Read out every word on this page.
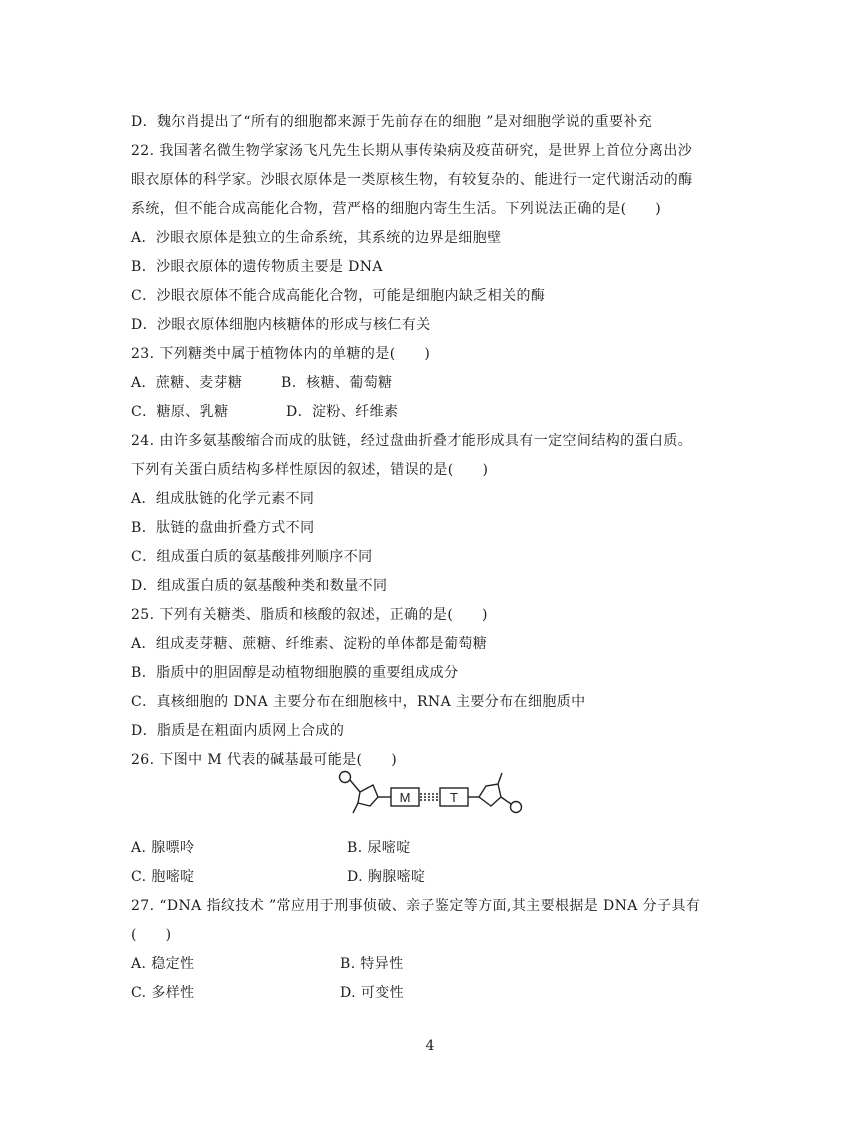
D．魏尔肖提出了“所有的细胞都来源于先前存在的细胞 ”是对细胞学说的重要补充
22. 我国著名微生物学家汤飞凡先生长期从事传染病及疫苗研究，是世界上首位分离出沙
眼衣原体的科学家。沙眼衣原体是一类原核生物，有较复杂的、能进行一定代谢活动的酶
系统，但不能合成高能化合物，营严格的细胞内寄生生活。下列说法正确的是(　　)
A．沙眼衣原体是独立的生命系统，其系统的边界是细胞壁
B．沙眼衣原体的遗传物质主要是 DNA
C．沙眼衣原体不能合成高能化合物，可能是细胞内缺乏相关的酶
D．沙眼衣原体细胞内核糖体的形成与核仁有关
23. 下列糖类中属于植物体内的单糖的是(　　)
A．蔗糖、麦芽糖	B．核糖、葡萄糖
C．糖原、乳糖	D．淀粉、纤维素
24. 由许多氨基酸缩合而成的肽链，经过盘曲折叠才能形成具有一定空间结构的蛋白质。
下列有关蛋白质结构多样性原因的叙述，错误的是(　　)
A．组成肽链的化学元素不同
B．肽链的盘曲折叠方式不同
C．组成蛋白质的氨基酸排列顺序不同
D．组成蛋白质的氨基酸种类和数量不同
25. 下列有关糖类、脂质和核酸的叙述，正确的是(　　)
A．组成麦芽糖、蔗糖、纤维素、淀粉的单体都是葡萄糖
B．脂质中的胆固醇是动植物细胞膜的重要组成成分
C．真核细胞的 DNA 主要分布在细胞核中，RNA 主要分布在细胞质中
D．脂质是在粗面内质网上合成的
26. 下图中 M 代表的碱基最可能是(　　)
M	T
A. 腺嘌呤	B. 尿嘧啶
C. 胞嘧啶	D. 胸腺嘧啶
27. “DNA 指纹技术 ”常应用于刑事侦破、亲子鉴定等方面,其主要根据是 DNA 分子具有
(　　)
A. 稳定性	B. 特异性
C. 多样性	D. 可变性
4
